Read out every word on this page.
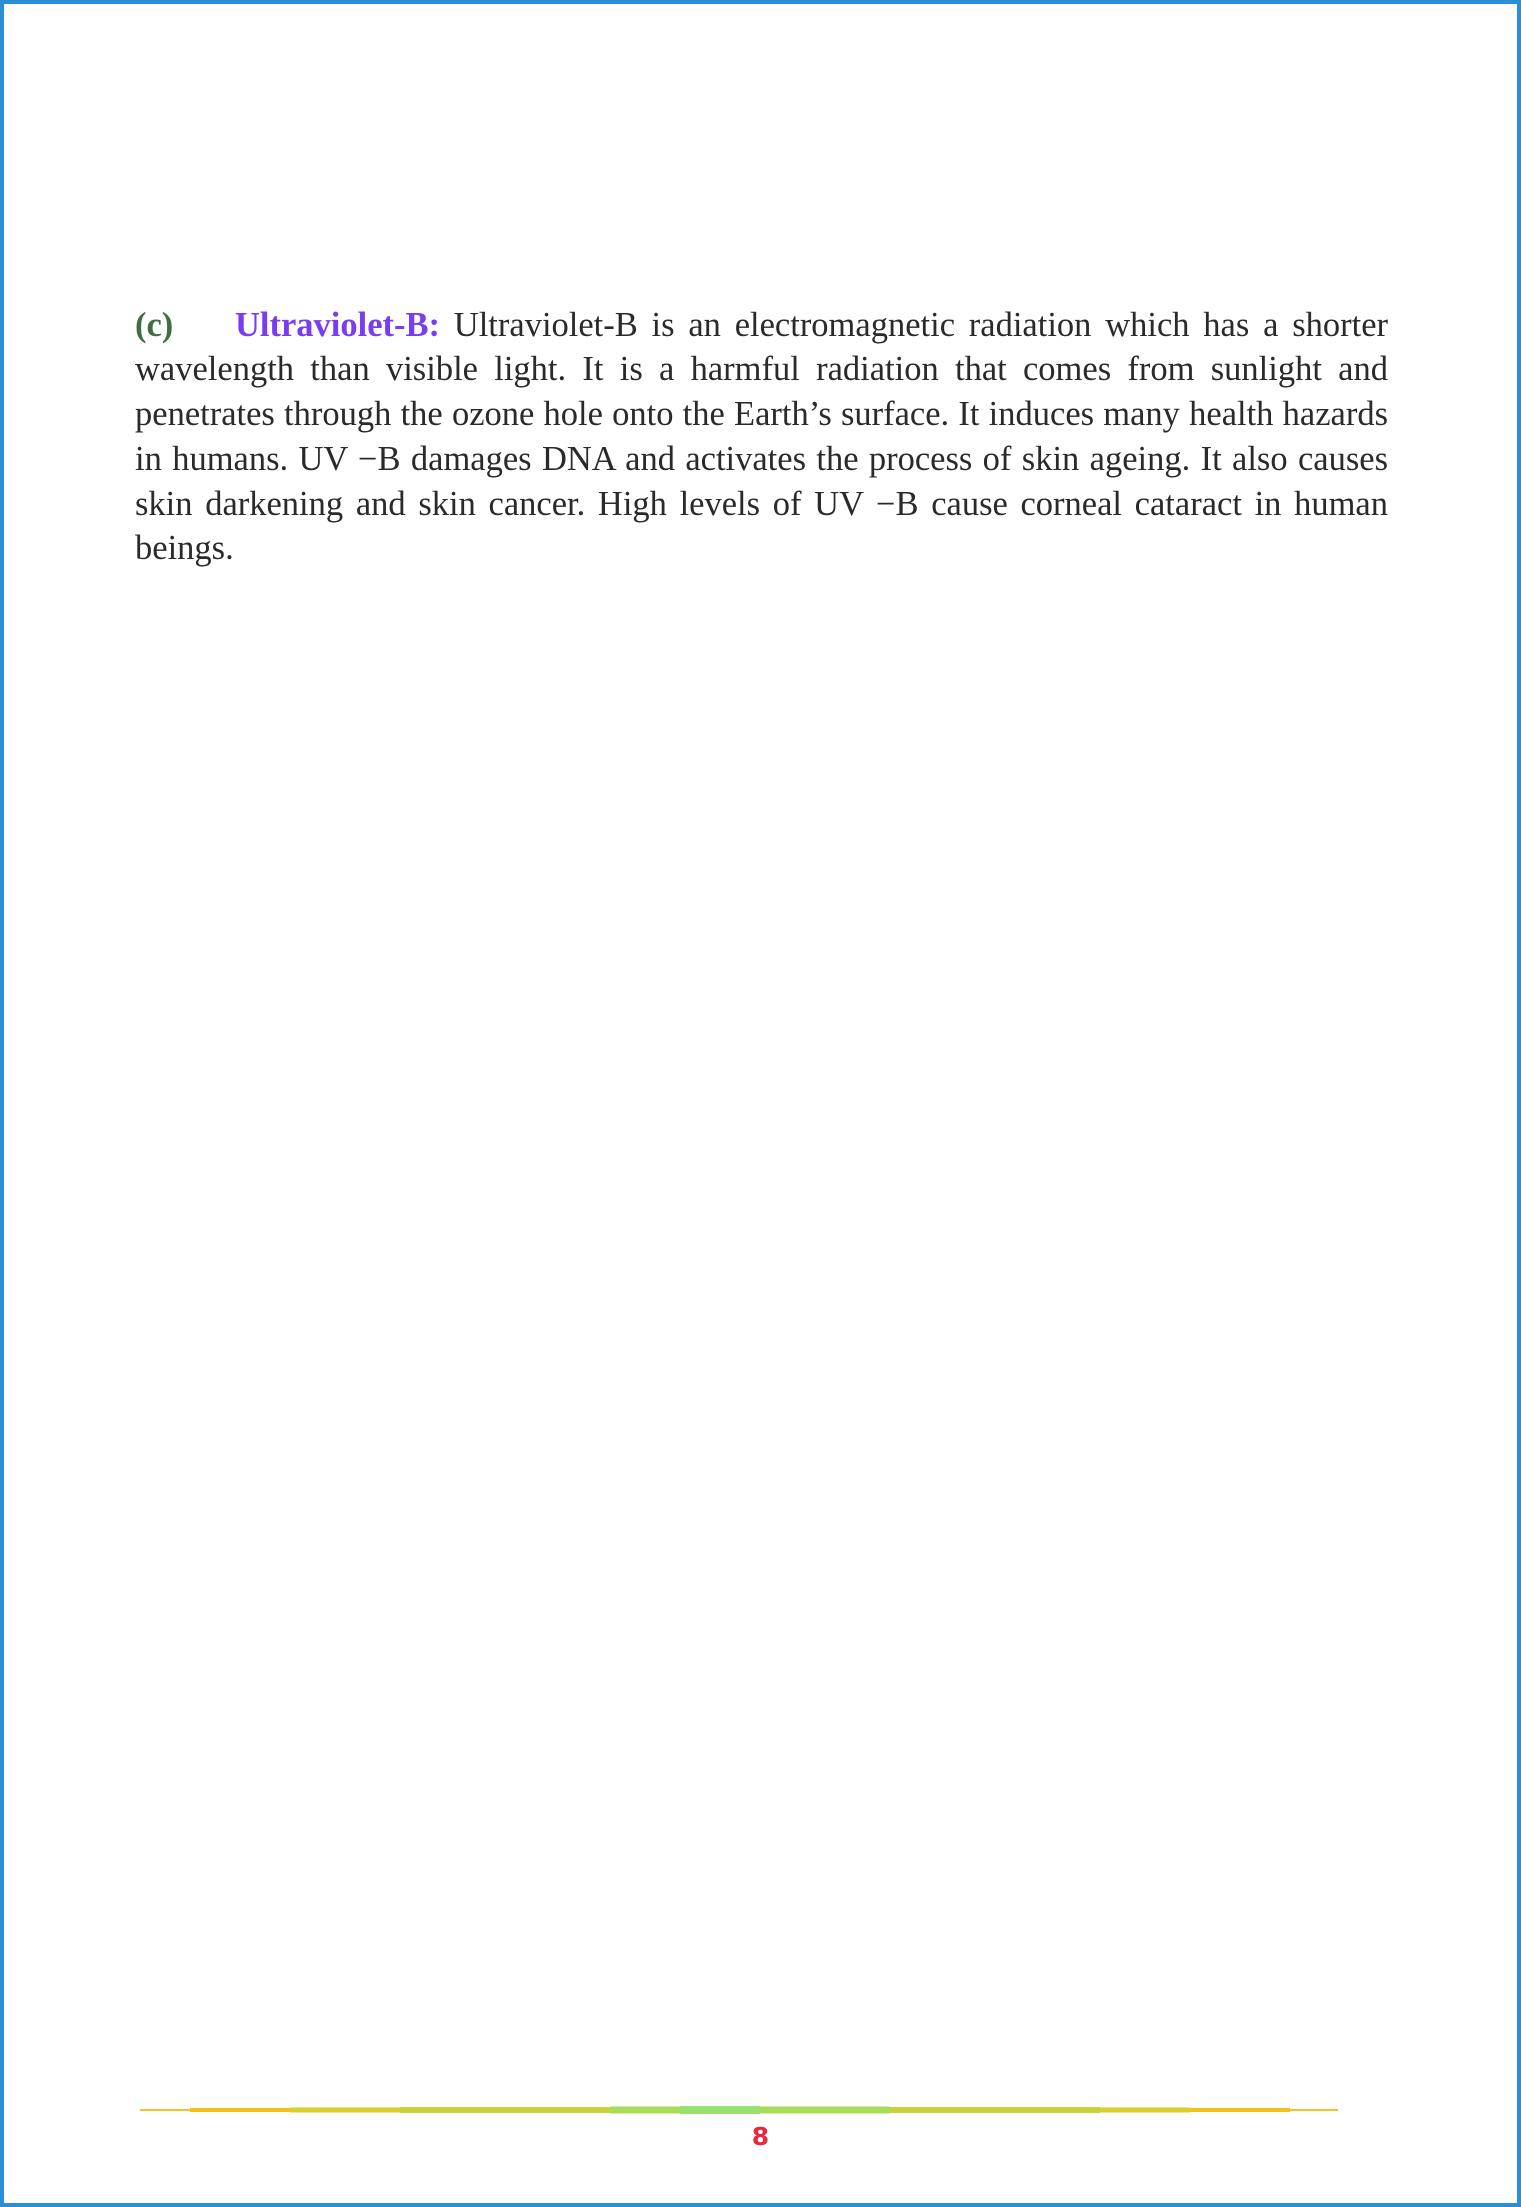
(c) Ultraviolet-B: Ultraviolet-B is an electromagnetic radiation which has a shorter wavelength than visible light. It is a harmful radiation that comes from sunlight and penetrates through the ozone hole onto the Earth’s surface. It induces many health hazards in humans. UV −B damages DNA and activates the process of skin ageing. It also causes skin darkening and skin cancer. High levels of UV −B cause corneal cataract in human beings.

8
